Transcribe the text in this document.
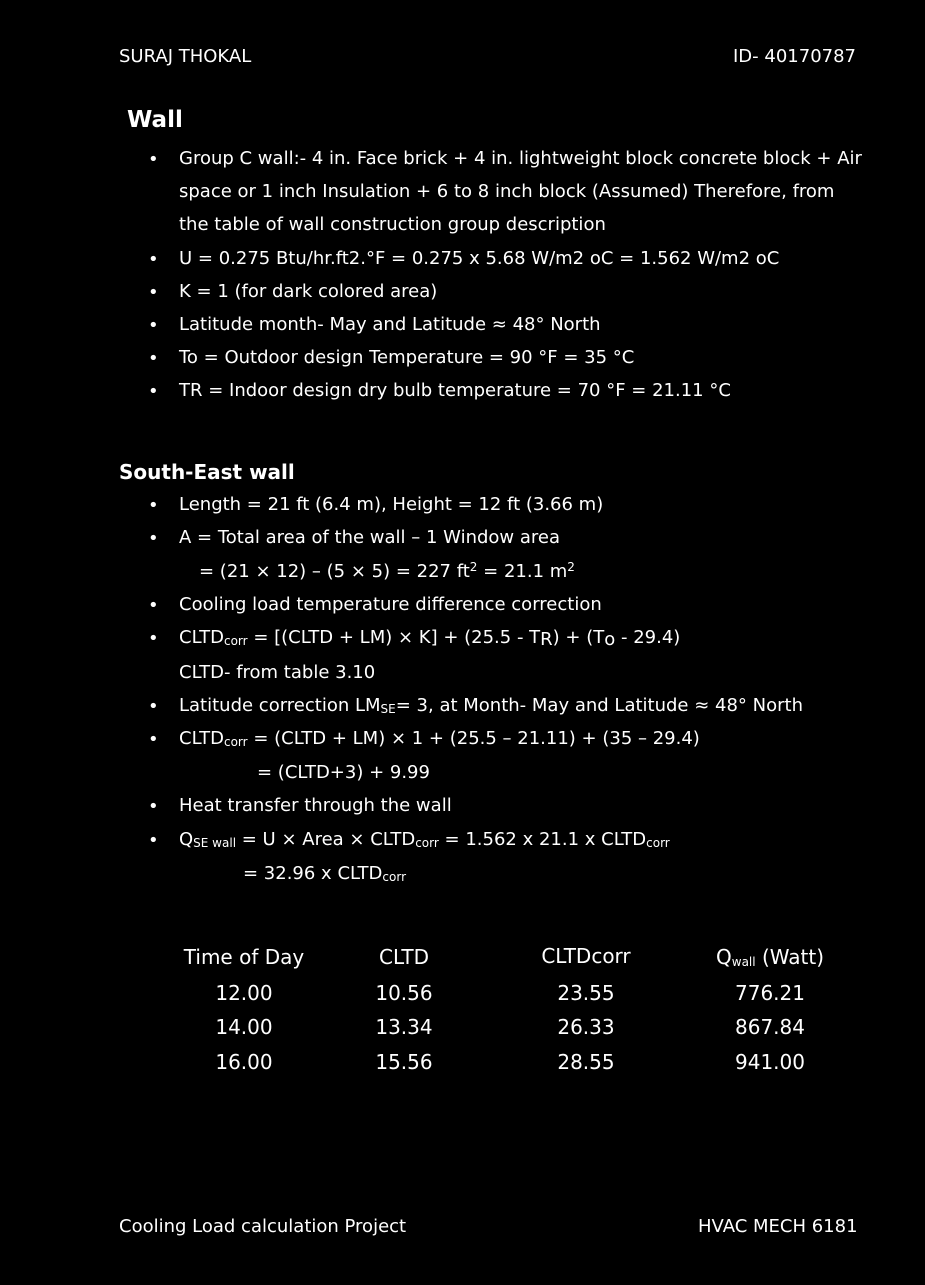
SURAJ THOKAL	ID- 40170787
Wall
• Group C wall:- 4 in. Face brick + 4 in. lightweight block concrete block + Air
space or 1 inch Insulation + 6 to 8 inch block (Assumed) Therefore, from
the table of wall construction group description
• U = 0.275 Btu/hr.ft2.°F = 0.275 x 5.68 W/m2 oC = 1.562 W/m2 oC
• K = 1 (for dark colored area)
• Latitude month- May and Latitude ≈ 48° North
• To = Outdoor design Temperature = 90 °F = 35 °C
• TR = Indoor design dry bulb temperature = 70 °F = 21.11 °C
South-East wall
• Length = 21 ft (6.4 m), Height = 12 ft (3.66 m)
• A = Total area of the wall – 1 Window area
= (21 × 12) – (5 × 5) = 227 $ft^2 = 21.1$ $m^2$
• Cooling load temperature difference correction
• $CLTD_{corr}$ = [(CLTD + $LM) \times K] + (25.5 - T_R) + (T_o - 29.4)$
CLTD- from table 3.10
• Latitude correction $LM_{SE}= 3$, at Month- May and Latitude ≈ 48° North
• $CLTD_{corr}$ = (CLTD + LM) × 1 + (25.5 – 21.11) + (35 – 29.4)
= (CLTD+3) + 9.99
• Heat transfer through the wall
• $Q_{SE wall} = U$ × Area × $CLTD_{corr} = 1.562$ x 21.1 x $CLTD_{corr}$
= 32.96 x $CLTD_{corr}$
Time of Day	CLTD	CLTDcorr	$Q_{wall}$ (Watt)
12.00	10.56	23.55	776.21
14.00	13.34	26.33	867.84
16.00	15.56	28.55	941.00
Cooling Load calculation Project	HVAC MECH 6181
